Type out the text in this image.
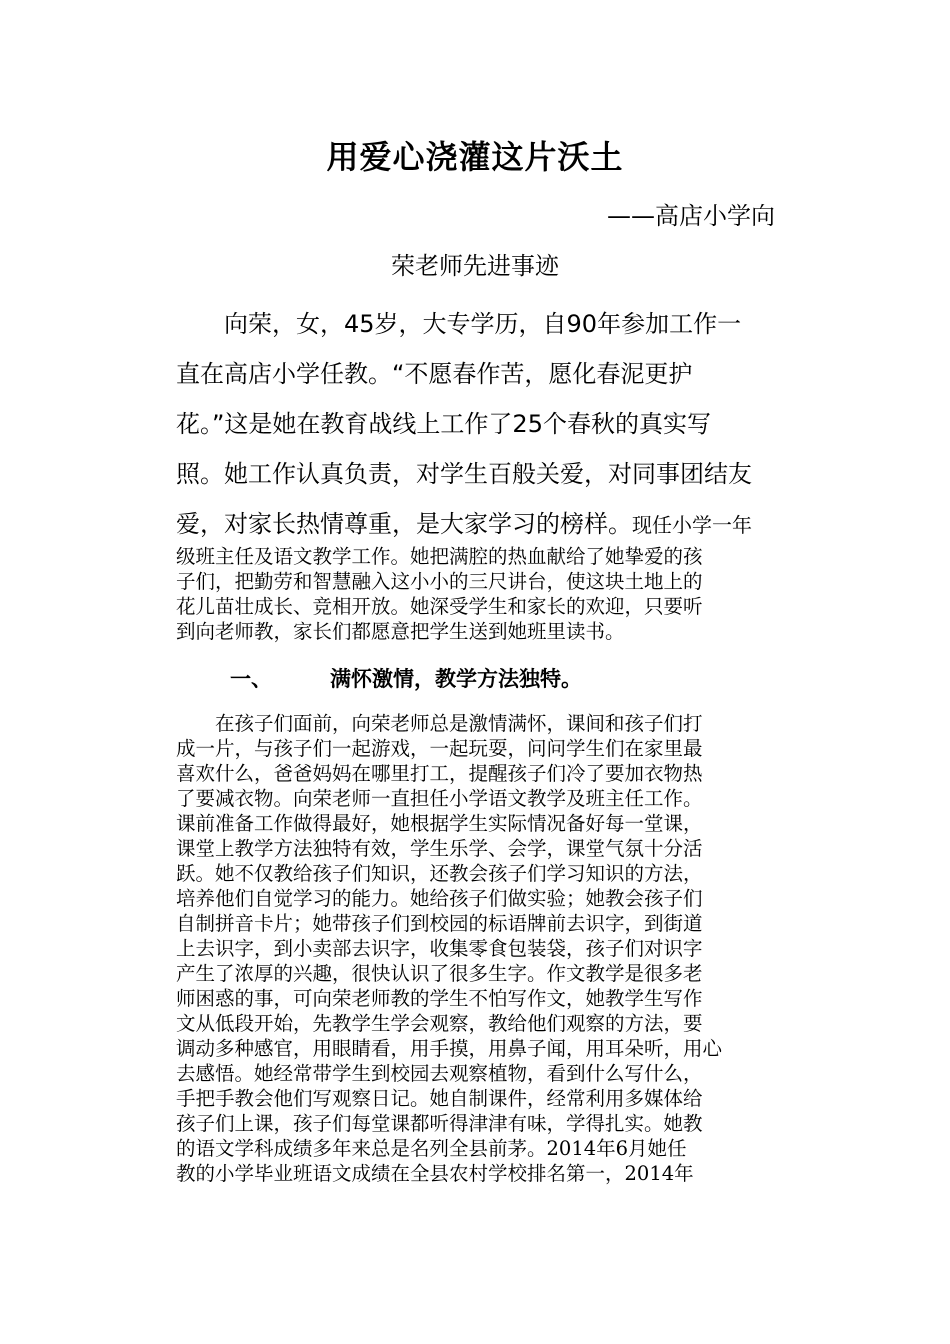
用爱心浇灌这片沃土
——高店小学向
荣老师先进事迹
　　向荣，女，45岁，大专学历，自90年参加工作一
直在高店小学任教。“不愿春作苦，愿化春泥更护
花。”这是她在教育战线上工作了25个春秋的真实写
照。她工作认真负责，对学生百般关爱，对同事团结友
爱，对家长热情尊重，是大家学习的榜样。现任小学一年
级班主任及语文教学工作。她把满腔的热血献给了她挚爱的孩
子们，把勤劳和智慧融入这小小的三尺讲台，使这块土地上的
花儿苗壮成长、竞相开放。她深受学生和家长的欢迎，只要听
到向老师教，家长们都愿意把学生送到她班里读书。
一、	满怀激情，教学方法独特。
　　在孩子们面前，向荣老师总是激情满怀，课间和孩子们打
成一片，与孩子们一起游戏，一起玩耍，问问学生们在家里最
喜欢什么，爸爸妈妈在哪里打工，提醒孩子们冷了要加衣物热
了要减衣物。向荣老师一直担任小学语文教学及班主任工作。
课前准备工作做得最好，她根据学生实际情况备好每一堂课，
课堂上教学方法独特有效，学生乐学、会学，课堂气氛十分活
跃。她不仅教给孩子们知识，还教会孩子们学习知识的方法，
培养他们自觉学习的能力。她给孩子们做实验；她教会孩子们
自制拼音卡片；她带孩子们到校园的标语牌前去识字，到街道
上去识字，到小卖部去识字，收集零食包装袋，孩子们对识字
产生了浓厚的兴趣，很快认识了很多生字。作文教学是很多老
师困惑的事，可向荣老师教的学生不怕写作文，她教学生写作
文从低段开始，先教学生学会观察，教给他们观察的方法，要
调动多种感官，用眼睛看，用手摸，用鼻子闻，用耳朵听，用心
去感悟。她经常带学生到校园去观察植物，看到什么写什么，
手把手教会他们写观察日记。她自制课件，经常利用多媒体给
孩子们上课，孩子们每堂课都听得津津有味，学得扎实。她教
的语文学科成绩多年来总是名列全县前茅。2014年6月她任
教的小学毕业班语文成绩在全县农村学校排名第一，2014年
